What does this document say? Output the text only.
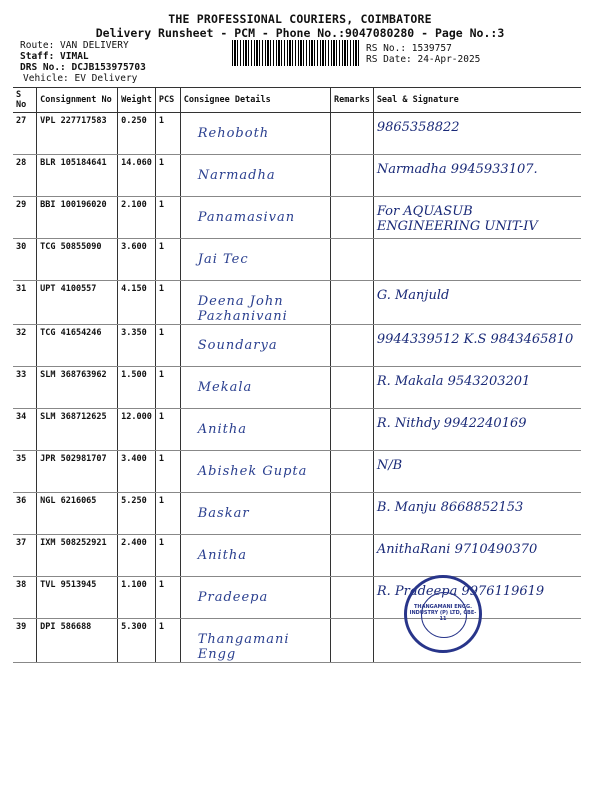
THE PROFESSIONAL COURIERS, COIMBATORE
Delivery Runsheet - PCM - Phone No.:9047080280 - Page No.:3
Route: VAN DELIVERY
Staff: VIMAL
DRS No.: DCJB153975703
Vehicle: EV Delivery
RS No.: 1539757
RS Date: 24-Apr-2025
S No	Consignment No	Weight	PCS	Consignee Details	Remarks	Seal & Signature
27	VPL 227717583	0.250	1	Rehoboth		9865358822

28	BLR 105184641	14.060	1	Narmadha		Narmadha 9945933107.

29	BBI 100196020	2.100	1	Panamasivan		For AQUASUB ENGINEERING UNIT-IV

30	TCG 50855090	3.600	1	Jai Tec		

31	UPT 4100557	4.150	1	Deena John Pazhanivani		G. Manjuld

32	TCG 41654246	3.350	1	Soundarya		9944339512 K.S 9843465810

33	SLM 368763962	1.500	1	Mekala		R. Makala 9543203201

34	SLM 368712625	12.000	1	Anitha		R. Nithdy 9942240169

35	JPR 502981707	3.400	1	Abishek Gupta		N/B

36	NGL 6216065	5.250	1	Baskar		B. Manju 8668852153

37	IXM 508252921	2.400	1	Anitha		AnithaRani 9710490370

38	TVL 9513945	1.100	1	Pradeepa		R. Pradeepa 9976119619

39	DPI 586688	5.300	1	Thangamani Engg		

THANGAMANI ENGG. INDUSTRY (P) LTD, CBE-11
